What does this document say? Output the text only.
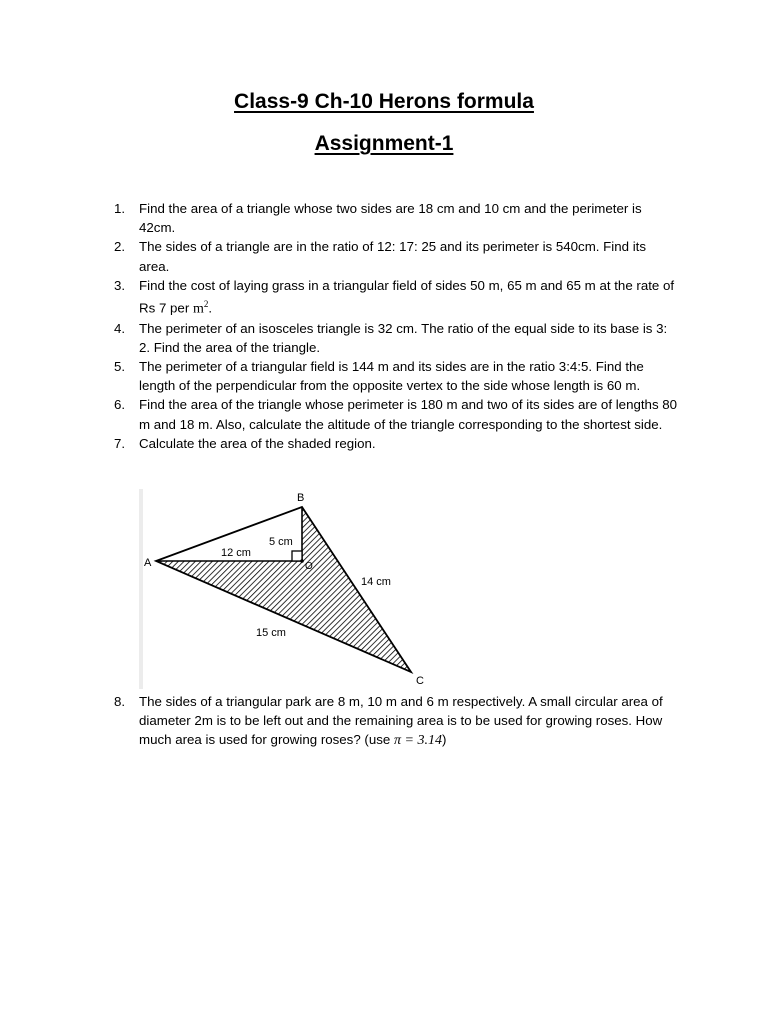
Class-9 Ch-10 Herons formula
Assignment-1
1. Find the area of a triangle whose two sides are 18 cm and 10 cm and the perimeter is 42cm.
2. The sides of a triangle are in the ratio of 12: 17: 25 and its perimeter is 540cm. Find its area.
3. Find the cost of laying grass in a triangular field of sides 50 m, 65 m and 65 m at the rate of Rs 7 per $m^2$.
4. The perimeter of an isosceles triangle is 32 cm. The ratio of the equal side to its base is 3: 2. Find the area of the triangle.
5. The perimeter of a triangular field is 144 m and its sides are in the ratio 3:4:5. Find the length of the perpendicular from the opposite vertex to the side whose length is 60 m.
6. Find the area of the triangle whose perimeter is 180 m and two of its sides are of lengths 80 m and 18 m. Also, calculate the altitude of the triangle corresponding to the shortest side.
7. Calculate the area of the shaded region.
A
B
C
O
12 cm
5 cm
14 cm
15 cm
8. The sides of a triangular park are 8 m, 10 m and 6 m respectively. A small circular area of diameter 2m is to be left out and the remaining area is to be used for growing roses. How much area is used for growing roses? (use π = 3.14)
